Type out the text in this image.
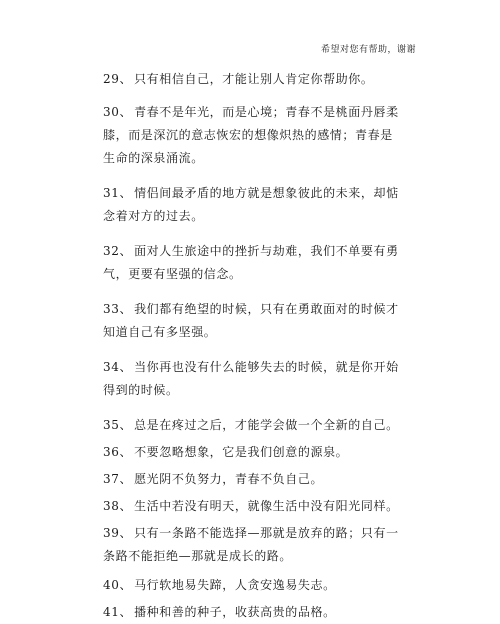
希望对您有帮助，谢谢
29、 只有相信自己，才能让别人肯定你帮助你。
30、 青春不是年光，而是心境；青春不是桃面丹唇柔膝，而是深沉的意志恢宏的想像炽热的感情；青春是生命的深泉涌流。
31、 情侣间最矛盾的地方就是想象彼此的未来，却惦念着对方的过去。
32、 面对人生旅途中的挫折与劫难，我们不单要有勇气，更要有坚强的信念。
33、 我们都有绝望的时候，只有在勇敢面对的时候才知道自己有多坚强。
34、 当你再也没有什么能够失去的时候，就是你开始得到的时候。
35、 总是在疼过之后，才能学会做一个全新的自己。
36、 不要忽略想象，它是我们创意的源泉。
37、 愿光阴不负努力，青春不负自己。
38、 生活中若没有明天，就像生活中没有阳光同样。
39、 只有一条路不能选择—那就是放弃的路；只有一条路不能拒绝—那就是成长的路。
40、 马行软地易失蹄，人贪安逸易失志。
41、 播种和善的种子，收获高贵的品格。
